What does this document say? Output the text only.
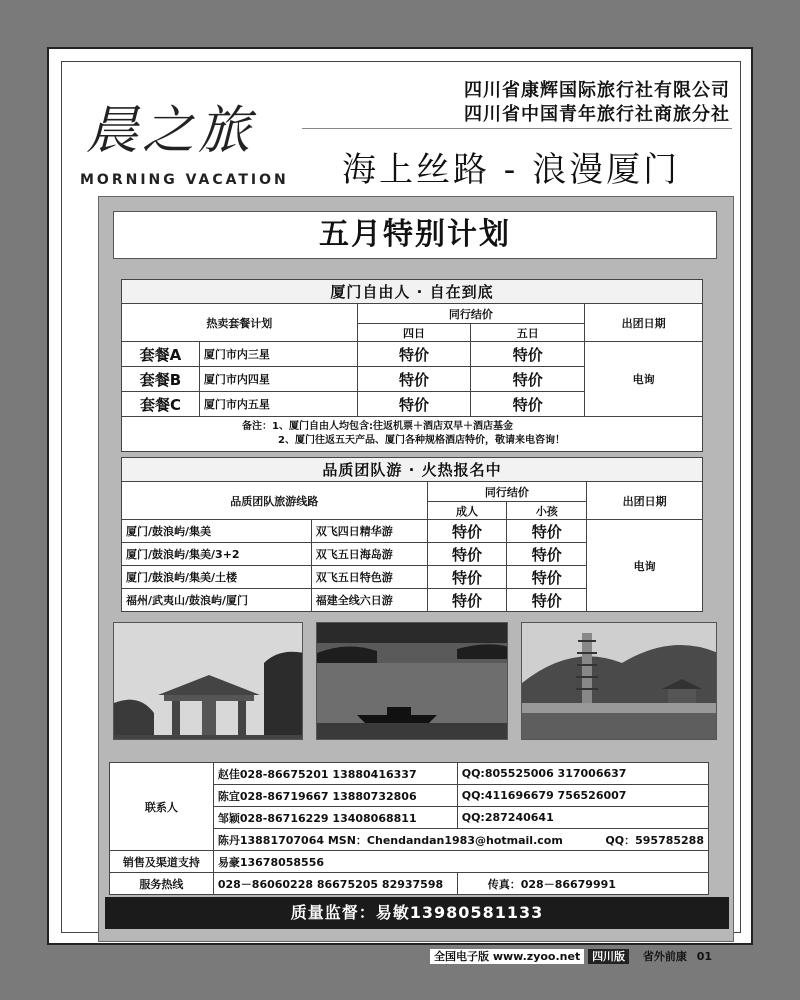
晨之旅
MORNING VACATION
四川省康辉国际旅行社有限公司
四川省中国青年旅行社商旅分社
海上丝路 - 浪漫厦门
五月特别计划
厦门自由人 · 自在到底				
热卖套餐计划		同行结价		出团日期
		四日	五日	
套餐A	厦门市内三星	特价	特价	电询
套餐B	厦门市内四星	特价	特价	
套餐C	厦门市内五星	特价	特价	

备注：1、厦门自由人均包含:往返机票＋酒店双早＋酒店基金
2、厦门往返五天产品、厦门各种规格酒店特价，敬请来电咨询！				
品质团队游 · 火热报名中				
品质团队旅游线路		同行结价		出团日期
		成人	小孩	
厦门/鼓浪屿/集美	双飞四日精华游	特价	特价	电询
厦门/鼓浪屿/集美/3+2	双飞五日海岛游	特价	特价	
厦门/鼓浪屿/集美/土楼	双飞五日特色游	特价	特价	
福州/武夷山/鼓浪屿/厦门	福建全线六日游	特价	特价	
联系人	赵佳028-86675201 13880416337	QQ:805525006 317006637
	陈宜028-86719667 13880732806	QQ:411696679 756526007
	邹颖028-86716229 13408068811	QQ:287240641
	陈丹13881707064 MSN：Chendandan1983@hotmail.com QQ：595785288	

销售及渠道支持	易豪13678058556	
服务热线	028－86060228 86675205 82937598	传真：028－86679991
质量监督：易敏13980581133
全国电子版 www.zyoo.net 四川版 省外前康 01
